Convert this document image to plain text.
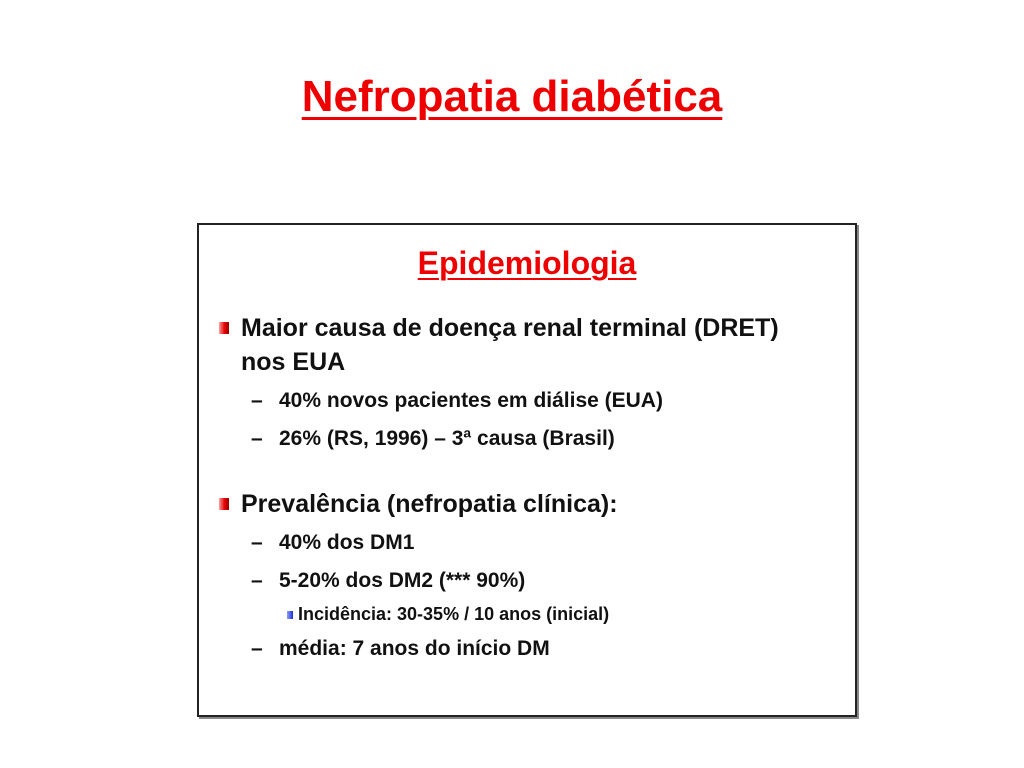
Nefropatia diabética
Epidemiologia
Maior causa de doença renal terminal (DRET) nos EUA
– 40% novos pacientes em diálise (EUA)
– 26% (RS, 1996) – 3ª causa (Brasil)
Prevalência (nefropatia clínica):
– 40% dos DM1
– 5-20% dos DM2 (*** 90%)
Incidência: 30-35% / 10 anos (inicial)
– média: 7 anos do início DM
